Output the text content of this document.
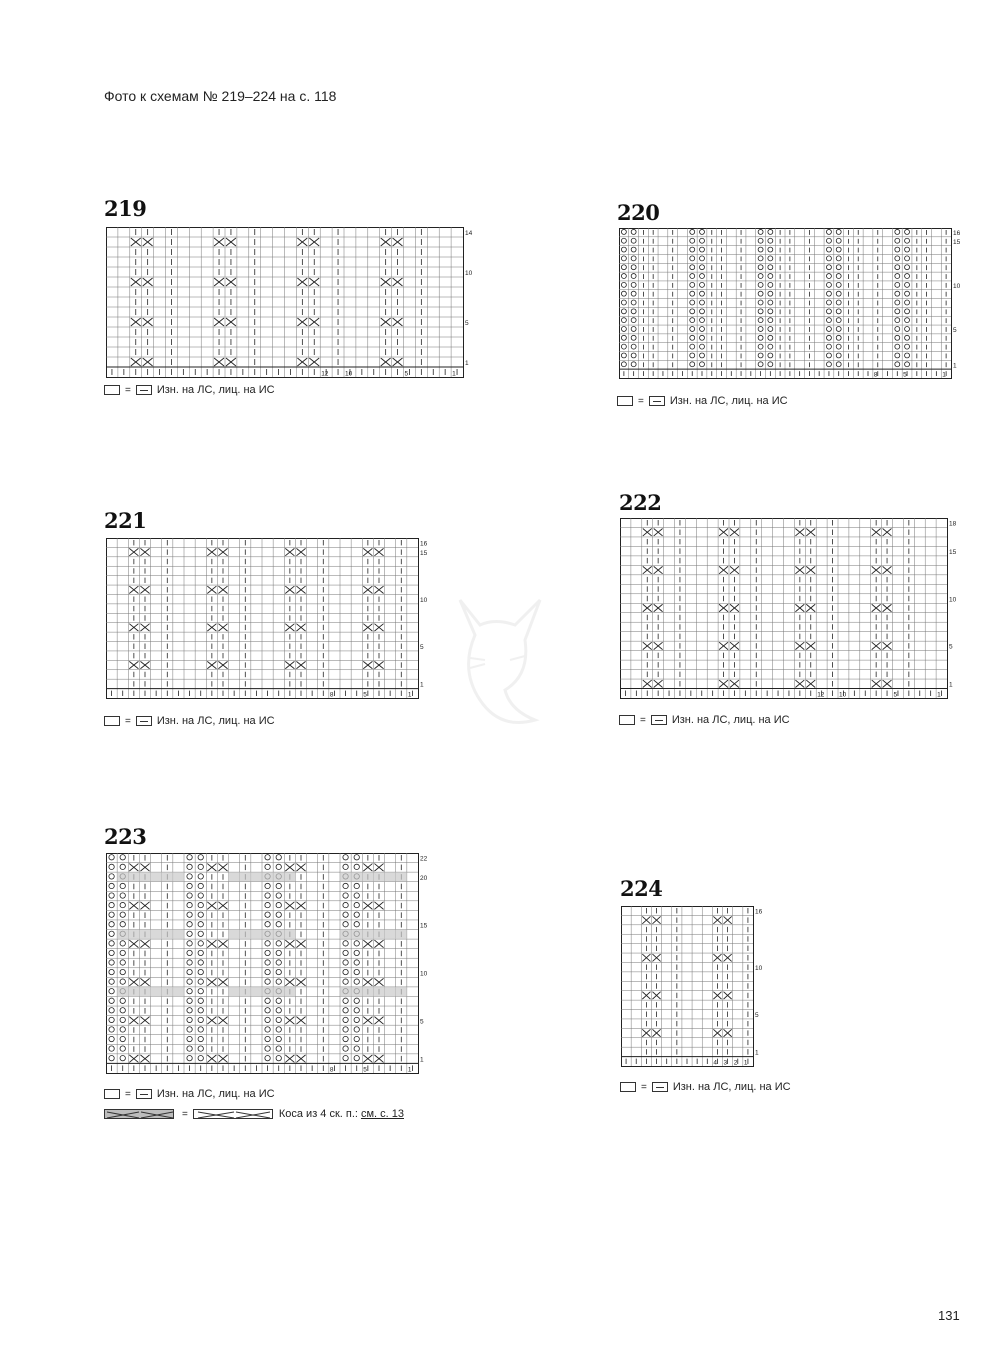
Фото к схемам № 219–224 на с. 118
219
14
10
5
1
12	10	5	1
= Изн. на ЛС, лиц. на ИС
220
16
15
10
5
1
8	5	1
= Изн. на ЛС, лиц. на ИС
221
16
15
10
5
1
8	5	1
= Изн. на ЛС, лиц. на ИС
222
18
15
10
5
1
12 10	5	1
= Изн. на ЛС, лиц. на ИС
223
22
20
15
10
5
1
8	5	1
= Изн. на ЛС, лиц. на ИС
=	Коса из 4 ск. п.: см. с. 13
224
16
10
5
1
4 3 2 1
= Изн. на ЛС, лиц. на ИС
131
